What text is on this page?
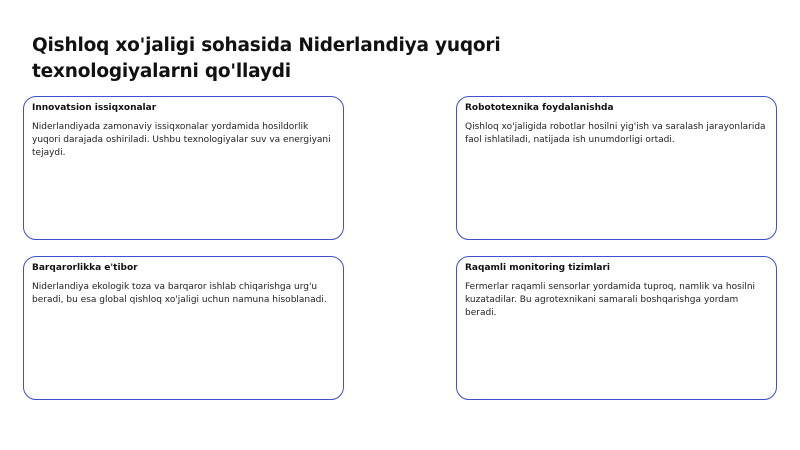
Qishloq xo'jaligi sohasida Niderlandiya yuqori texnologiyalarni qo'llaydi
Innovatsion issiqxonalar
Niderlandiyada zamonaviy issiqxonalar yordamida hosildorlik yuqori darajada oshiriladi. Ushbu texnologiyalar suv va energiyani tejaydi.
Robototexnika foydalanishda
Qishloq xo'jaligida robotlar hosilni yig'ish va saralash jarayonlarida faol ishlatiladi, natijada ish unumdorligi ortadi.
Barqarorlikka e'tibor
Niderlandiya ekologik toza va barqaror ishlab chiqarishga urg'u beradi, bu esa global qishloq xo'jaligi uchun namuna hisoblanadi.
Raqamli monitoring tizimlari
Fermerlar raqamli sensorlar yordamida tuproq, namlik va hosilni kuzatadilar. Bu agrotexnikani samarali boshqarishga yordam beradi.
